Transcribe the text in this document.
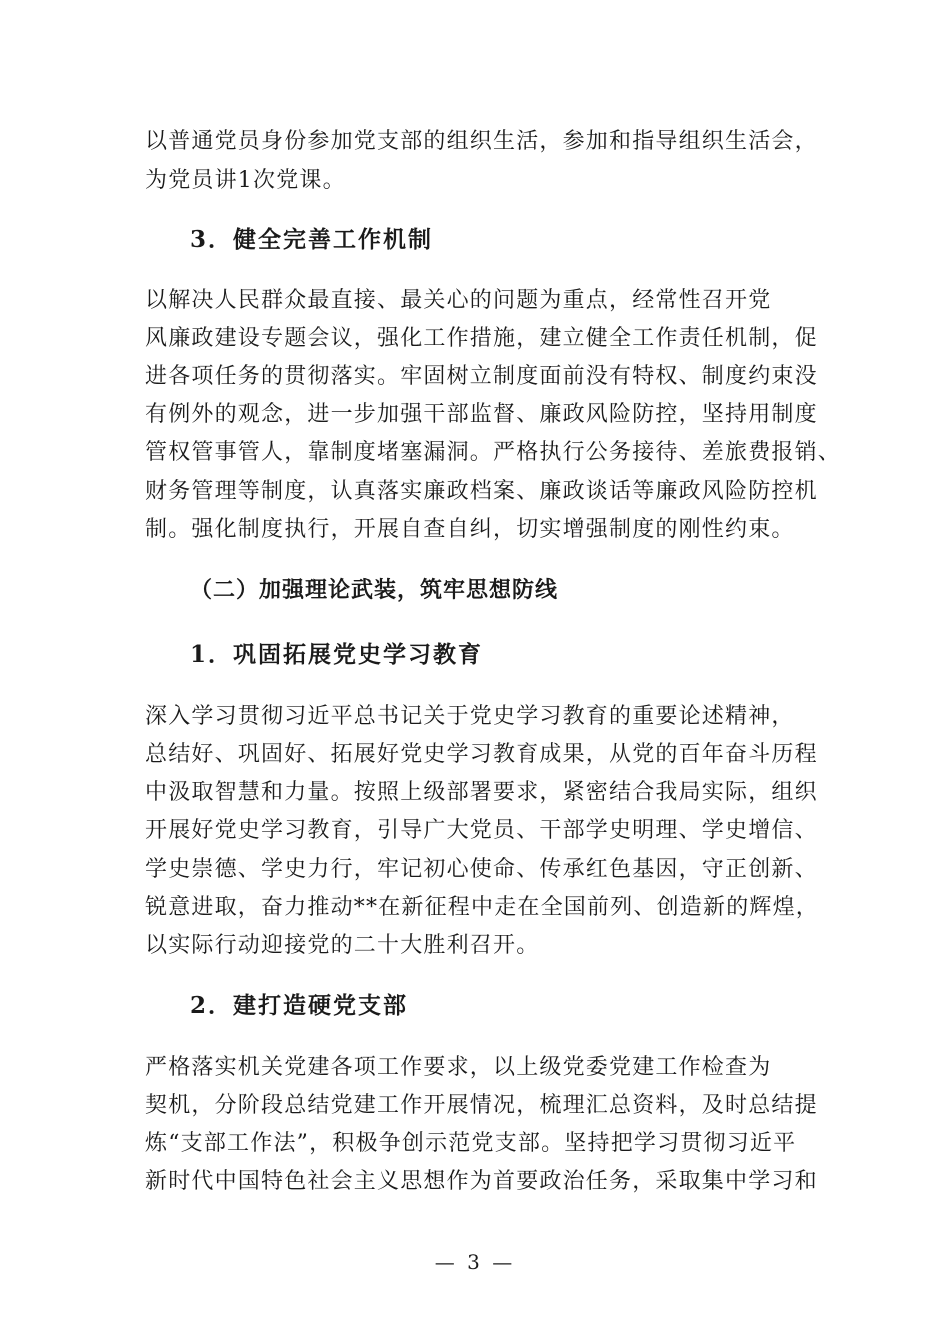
以普通党员身份参加党支部的组织生活，参加和指导组织生活会，
为党员讲1次党课。
3．健全完善工作机制
以解决人民群众最直接、最关心的问题为重点，经常性召开党
风廉政建设专题会议，强化工作措施，建立健全工作责任机制，促
进各项任务的贯彻落实。牢固树立制度面前没有特权、制度约束没
有例外的观念，进一步加强干部监督、廉政风险防控，坚持用制度
管权管事管人，靠制度堵塞漏洞。严格执行公务接待、差旅费报销、
财务管理等制度，认真落实廉政档案、廉政谈话等廉政风险防控机
制。强化制度执行，开展自查自纠，切实增强制度的刚性约束。
（二）加强理论武装，筑牢思想防线
1．巩固拓展党史学习教育
深入学习贯彻习近平总书记关于党史学习教育的重要论述精神，
总结好、巩固好、拓展好党史学习教育成果，从党的百年奋斗历程
中汲取智慧和力量。按照上级部署要求，紧密结合我局实际，组织
开展好党史学习教育，引导广大党员、干部学史明理、学史增信、
学史崇德、学史力行，牢记初心使命、传承红色基因，守正创新、
锐意进取，奋力推动**在新征程中走在全国前列、创造新的辉煌，
以实际行动迎接党的二十大胜利召开。
2．建打造硬党支部
严格落实机关党建各项工作要求，以上级党委党建工作检查为
契机，分阶段总结党建工作开展情况，梳理汇总资料，及时总结提
炼“支部工作法”，积极争创示范党支部。坚持把学习贯彻习近平
新时代中国特色社会主义思想作为首要政治任务，采取集中学习和
— 3 —
